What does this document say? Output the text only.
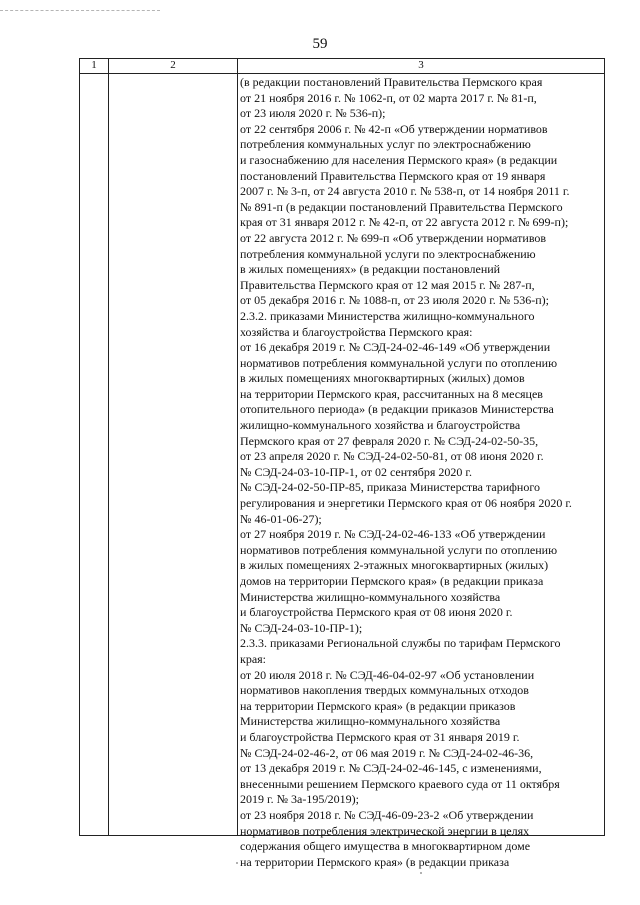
59
1	2	3
(в редакции постановлений Правительства Пермского края
от 21 ноября 2016 г. № 1062-п, от 02 марта 2017 г. № 81-п,
от 23 июля 2020 г. № 536-п);
от 22 сентября 2006 г. № 42-п «Об утверждении нормативов
потребления коммунальных услуг по электроснабжению
и газоснабжению для населения Пермского края» (в редакции
постановлений Правительства Пермского края от 19 января
2007 г. № 3-п, от 24 августа 2010 г. № 538-п, от 14 ноября 2011 г.
№ 891-п (в редакции постановлений Правительства Пермского
края от 31 января 2012 г. № 42-п, от 22 августа 2012 г. № 699-п);
от 22 августа 2012 г. № 699-п «Об утверждении нормативов
потребления коммунальной услуги по электроснабжению
в жилых помещениях» (в редакции постановлений
Правительства Пермского края от 12 мая 2015 г. № 287-п,
от 05 декабря 2016 г. № 1088-п, от 23 июля 2020 г. № 536-п);
2.3.2. приказами Министерства жилищно-коммунального
хозяйства и благоустройства Пермского края:
от 16 декабря 2019 г. № СЭД-24-02-46-149 «Об утверждении
нормативов потребления коммунальной услуги по отоплению
в жилых помещениях многоквартирных (жилых) домов
на территории Пермского края, рассчитанных на 8 месяцев
отопительного периода» (в редакции приказов Министерства
жилищно-коммунального хозяйства и благоустройства
Пермского края от 27 февраля 2020 г. № СЭД-24-02-50-35,
от 23 апреля 2020 г. № СЭД-24-02-50-81, от 08 июня 2020 г.
№ СЭД-24-03-10-ПР-1, от 02 сентября 2020 г.
№ СЭД-24-02-50-ПР-85, приказа Министерства тарифного
регулирования и энергетики Пермского края от 06 ноября 2020 г.
№ 46-01-06-27);
от 27 ноября 2019 г. № СЭД-24-02-46-133 «Об утверждении
нормативов потребления коммунальной услуги по отоплению
в жилых помещениях 2-этажных многоквартирных (жилых)
домов на территории Пермского края» (в редакции приказа
Министерства жилищно-коммунального хозяйства
и благоустройства Пермского края от 08 июня 2020 г.
№ СЭД-24-03-10-ПР-1);
2.3.3. приказами Региональной службы по тарифам Пермского
края:
от 20 июля 2018 г. № СЭД-46-04-02-97 «Об установлении
нормативов накопления твердых коммунальных отходов
на территории Пермского края» (в редакции приказов
Министерства жилищно-коммунального хозяйства
и благоустройства Пермского края от 31 января 2019 г.
№ СЭД-24-02-46-2, от 06 мая 2019 г. № СЭД-24-02-46-36,
от 13 декабря 2019 г. № СЭД-24-02-46-145, с изменениями,
внесенными решением Пермского краевого суда от 11 октября
2019 г. № 3а-195/2019);
от 23 ноября 2018 г. № СЭД-46-09-23-2 «Об утверждении
нормативов потребления электрической энергии в целях
содержания общего имущества в многоквартирном доме
на территории Пермского края» (в редакции приказа
